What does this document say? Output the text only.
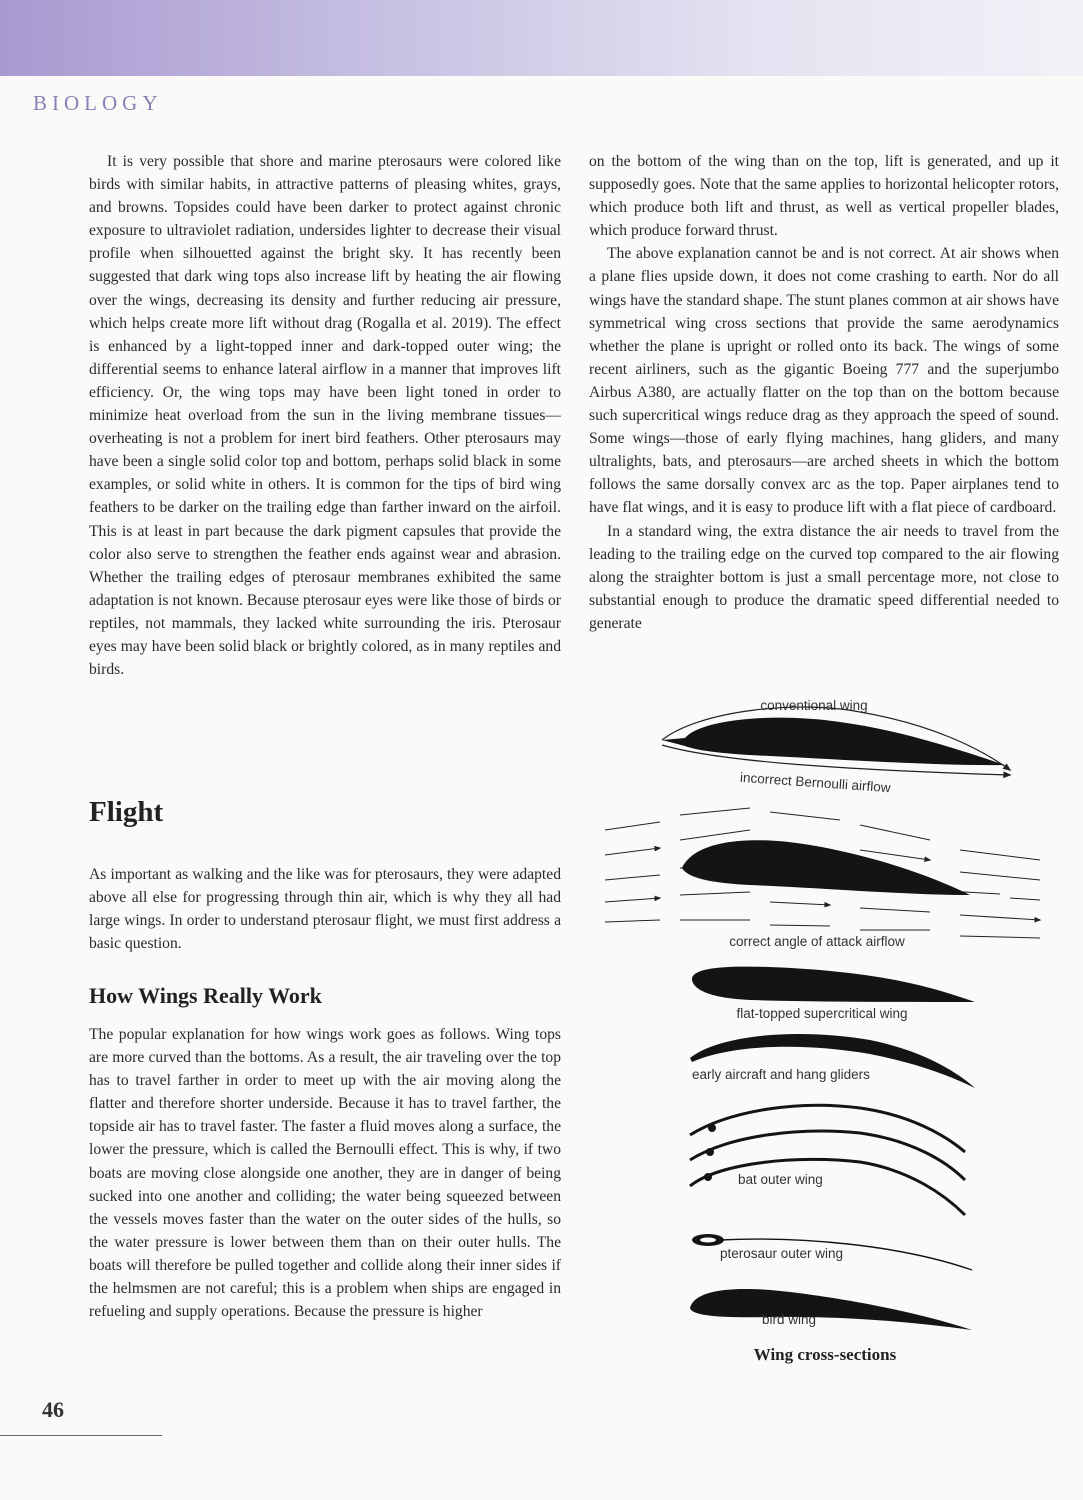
BIOLOGY

It is very possible that shore and marine pterosaurs were colored like birds with similar habits, in attractive patterns of pleasing whites, grays, and browns. Topsides could have been darker to protect against chronic exposure to ultraviolet radiation, undersides lighter to decrease their visual profile when silhouetted against the bright sky. It has recently been suggested that dark wing tops also increase lift by heating the air flowing over the wings, decreasing its density and further reducing air pressure, which helps create more lift without drag (Rogalla et al. 2019). The effect is enhanced by a light-topped inner and dark-topped outer wing; the differential seems to enhance lateral airflow in a manner that improves lift efficiency. Or, the wing tops may have been light toned in order to minimize heat overload from the sun in the living membrane tissues—overheating is not a problem for inert bird feathers. Other pterosaurs may have been a single solid color top and bottom, perhaps solid black in some examples, or solid white in others. It is common for the tips of bird wing feathers to be darker on the trailing edge than farther inward on the airfoil. This is at least in part because the dark pigment capsules that provide the color also serve to strengthen the feather ends against wear and abrasion. Whether the trailing edges of pterosaur membranes exhibited the same adaptation is not known. Because pterosaur eyes were like those of birds or reptiles, not mammals, they lacked white surrounding the iris. Pterosaur eyes may have been solid black or brightly colored, as in many reptiles and birds.

Flight

As important as walking and the like was for pterosaurs, they were adapted above all else for progressing through thin air, which is why they all had large wings. In order to understand pterosaur flight, we must first address a basic question.

How Wings Really Work

The popular explanation for how wings work goes as follows. Wing tops are more curved than the bottoms. As a result, the air traveling over the top has to travel farther in order to meet up with the air moving along the flatter and therefore shorter underside. Because it has to travel farther, the topside air has to travel faster. The faster a fluid moves along a surface, the lower the pressure, which is called the Bernoulli effect. This is why, if two boats are moving close alongside one another, they are in danger of being sucked into one another and colliding; the water being squeezed between the vessels moves faster than the water on the outer sides of the hulls, so the water pressure is lower between them than on their outer hulls. The boats will therefore be pulled together and collide along their inner sides if the helmsmen are not careful; this is a problem when ships are engaged in refueling and supply operations. Because the pressure is higher

on the bottom of the wing than on the top, lift is generated, and up it supposedly goes. Note that the same applies to horizontal helicopter rotors, which produce both lift and thrust, as well as vertical propeller blades, which produce forward thrust.

The above explanation cannot be and is not correct. At air shows when a plane flies upside down, it does not come crashing to earth. Nor do all wings have the standard shape. The stunt planes common at air shows have symmetrical wing cross sections that provide the same aerodynamics whether the plane is upright or rolled onto its back. The wings of some recent airliners, such as the gigantic Boeing 777 and the superjumbo Airbus A380, are actually flatter on the top than on the bottom because such supercritical wings reduce drag as they approach the speed of sound. Some wings—those of early flying machines, hang gliders, and many ultralights, bats, and pterosaurs—are arched sheets in which the bottom follows the same dorsally convex arc as the top. Paper airplanes tend to have flat wings, and it is easy to produce lift with a flat piece of cardboard.

In a standard wing, the extra distance the air needs to travel from the leading to the trailing edge on the curved top compared to the air flowing along the straighter bottom is just a small percentage more, not close to substantial enough to produce the dramatic speed differential needed to generate

conventional wing
incorrect Bernoulli airflow
correct angle of attack airflow
flat-topped supercritical wing
early aircraft and hang gliders
bat outer wing
pterosaur outer wing
bird wing
Wing cross-sections
46
